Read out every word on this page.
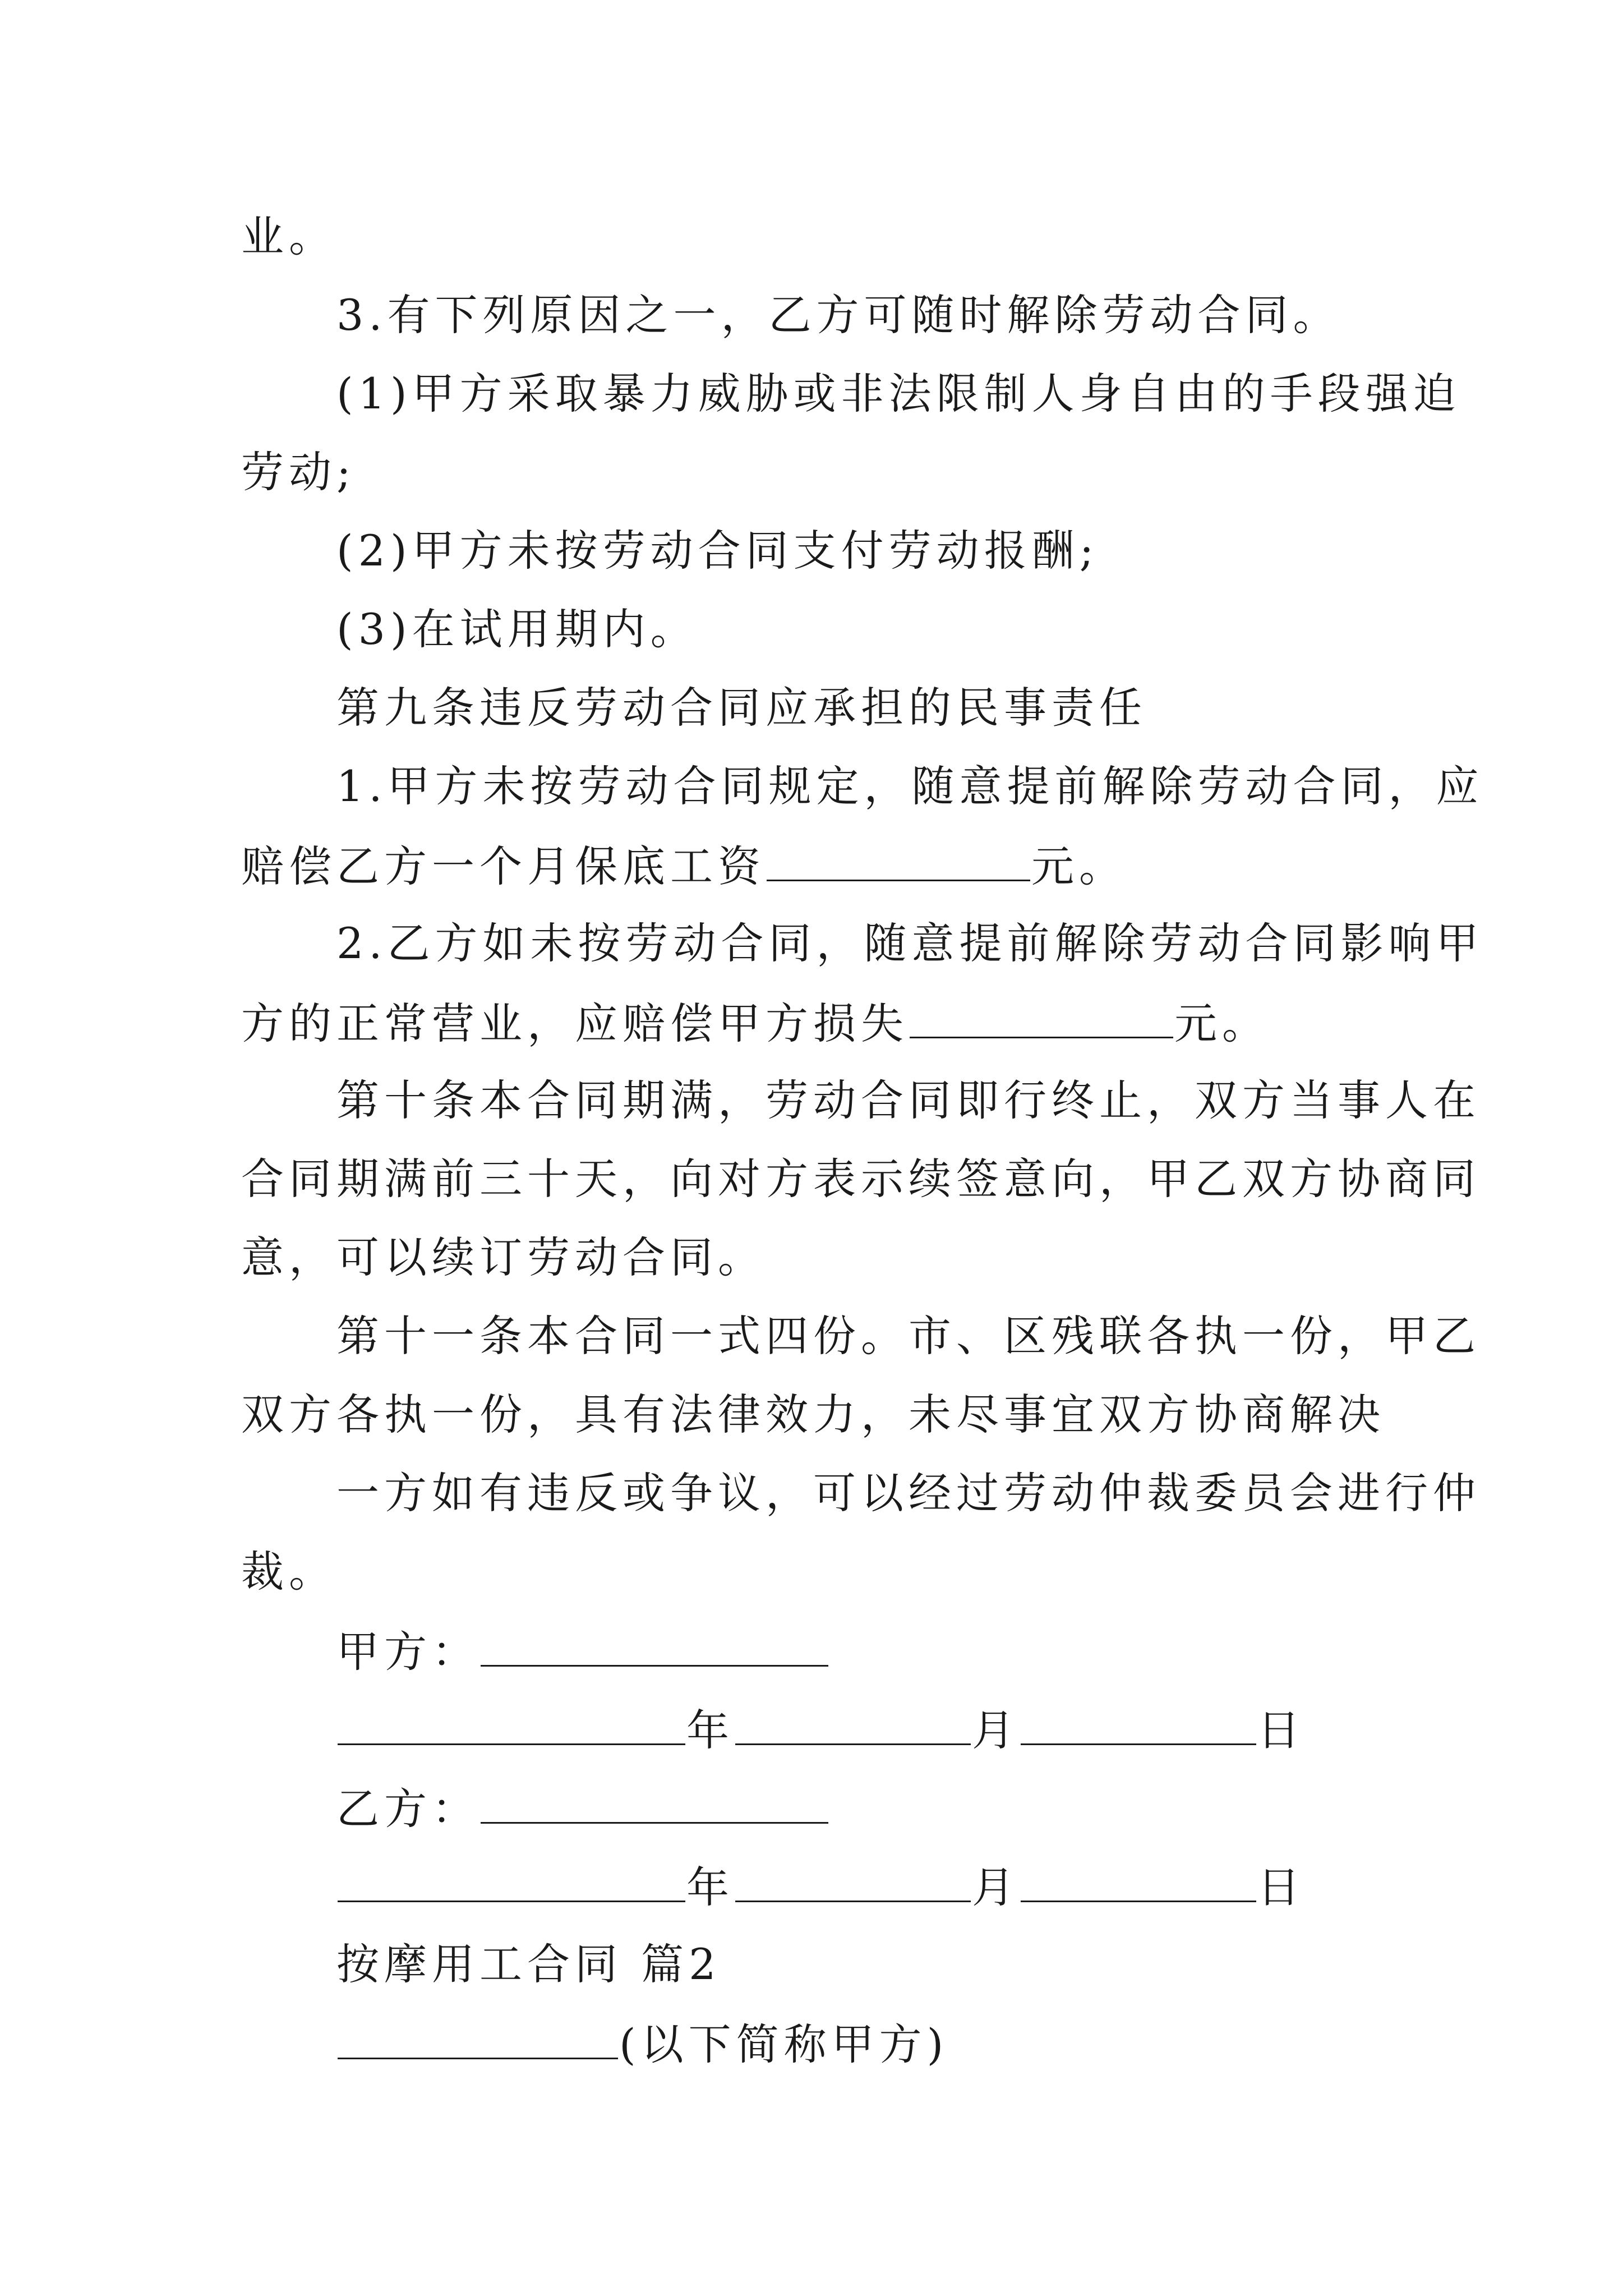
业。
3.有下列原因之一，乙方可随时解除劳动合同。
(1)甲方采取暴力威胁或非法限制人身自由的手段强迫
劳动;
(2)甲方未按劳动合同支付劳动报酬;
(3)在试用期内。
第九条违反劳动合同应承担的民事责任
1.甲方未按劳动合同规定，随意提前解除劳动合同，应
赔偿乙方一个月保底工资	元。
2.乙方如未按劳动合同，随意提前解除劳动合同影响甲
方的正常营业，应赔偿甲方损失	元。
第十条本合同期满，劳动合同即行终止，双方当事人在
合同期满前三十天，向对方表示续签意向，甲乙双方协商同
意，可以续订劳动合同。
第十一条本合同一式四份。市、区残联各执一份，甲乙
双方各执一份，具有法律效力，未尽事宜双方协商解决
一方如有违反或争议，可以经过劳动仲裁委员会进行仲
裁。
甲方：
年	月	日
乙方：
年	月	日
按摩用工合同 篇2
(以下简称甲方)
